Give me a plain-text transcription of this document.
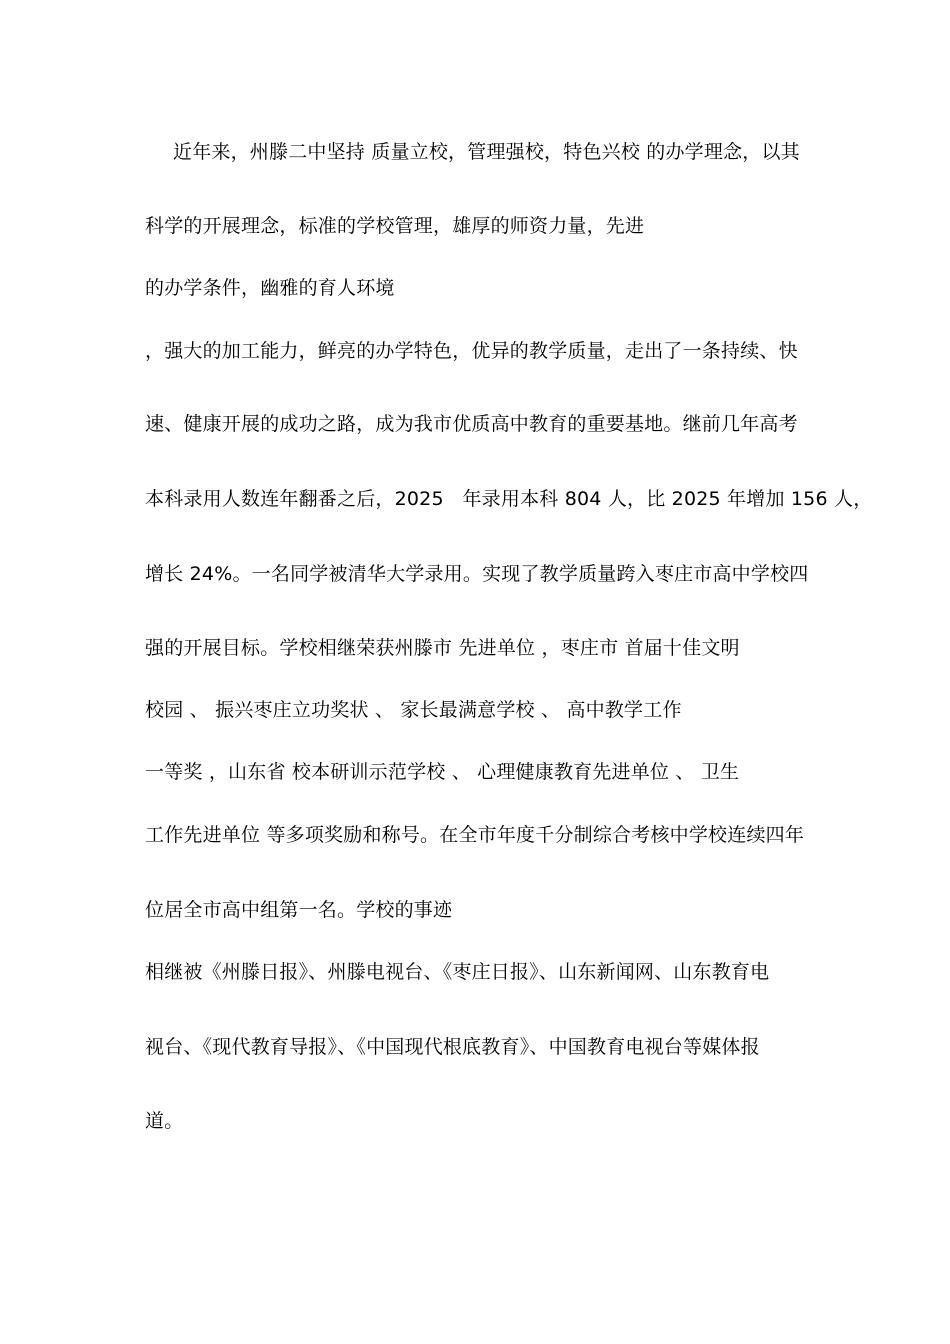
近年来，州滕二中坚持 质量立校，管理强校，特色兴校 的办学理念，以其
科学的开展理念，标准的学校管理，雄厚的师资力量，先进
的办学条件，幽雅的育人环境
，强大的加工能力，鲜亮的办学特色，优异的教学质量，走出了一条持续、快
速、健康开展的成功之路，成为我市优质高中教育的重要基地。继前几年高考
本科录用人数连年翻番之后，2025   年录用本科 804 人，比 2025 年增加 156 人，
增长 24%。一名同学被清华大学录用。实现了教学质量跨入枣庄市高中学校四
强的开展目标。学校相继荣获州滕市 先进单位 ，枣庄市 首届十佳文明
校园 、 振兴枣庄立功奖状 、 家长最满意学校 、 高中教学工作
一等奖 ，山东省 校本研训示范学校 、 心理健康教育先进单位 、 卫生
工作先进单位 等多项奖励和称号。在全市年度千分制综合考核中学校连续四年
位居全市高中组第一名。学校的事迹
相继被《州滕日报》、州滕电视台、《枣庄日报》、山东新闻网、山东教育电
视台、《现代教育导报》、《中国现代根底教育》、中国教育电视台等媒体报
道。
